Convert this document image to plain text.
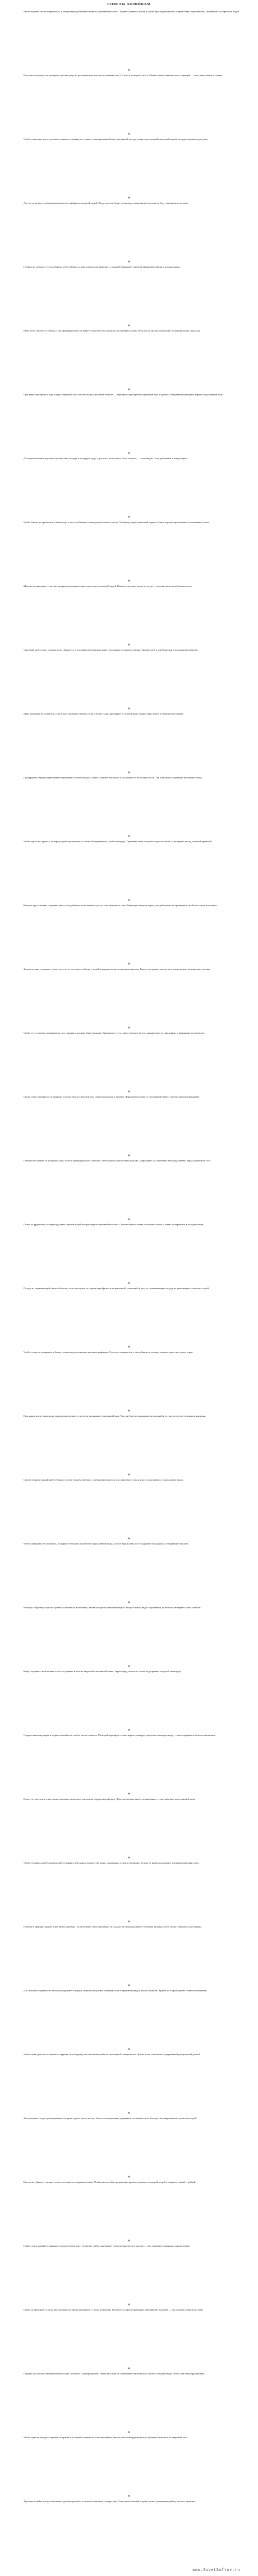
СОВЕТЫ ХОЗЯЙКАМ

Чтобы варенье не засахаривалось, в конце варки добавляют немного лимонной кислоты. Хранить варенье лучше в сухом прохладном месте, закрыв банки пергаментом, смоченным в спирте или водке.

Если мясо жесткое, его натирают смесью уксуса с растительным маслом и оставляют на 2–3 часа в холодном месте. Можно также обмазать мясо горчицей — оно станет мягче и сочнее.

Чтобы сливочное масло дольше оставалось свежим, его хранят в эмалированной или стеклянной посуде, залив подсоленной кипяченой водой, которую меняют через день.

Лук легче резать, если нож периодически смачивать холодной водой. Тогда глаза не будут слезиться, а нарезанные кусочки не будут прилипать к лезвию.

Горчица не засыхает, если добавить в нее немного сахара или молока. Баночку с горчицей закрывают плотной крышкой и хранят в холодильнике.

Рыбу легче чистить от чешуи, если предварительно на минуту опустить ее в кипяток или натереть солью. Руки после чистки рыбы моют холодной водой с уксусом.

При варке картофеля в воду кладут лавровый лист или несколько зубчиков чеснока — картофель приобретает приятный вкус и аромат. Очищенный картофель варят в подсоленной воде.

Для приготовления вкусного бульона мясо кладут в холодную воду, а для того, чтобы мясо было сочным, — в кипящую. Соль добавляют в конце варки.

Чтобы блины не прилипали к сковороде, в тесто добавляют ложку растительного масла. Сковороду перед выпечкой первого блина хорошо прокаливают и смазывают салом.

Молоко не пригорает, если дно кастрюли предварительно сполоснуть холодной водой. Кипятить молоко лучше в посуде с толстым дном на небольшом огне.

Черствый хлеб станет свежим, если сбрызнуть его водой и на несколько минут поставить в горячую духовку. Хранят хлеб в хлебнице или в полотняном мешочке.

Яйца при варке не лопаются, если в воду добавить немного соли. Свежесть яиц проверяют в соленой воде: свежее яйцо тонет, а несвежее всплывает.

Сухофрукты перед употреблением промывают в теплой воде, а затем заливают кипятком и оставляют на несколько часов. Так они лучше сохраняют витамины и вкус.

Чтобы крупа не горчила, ее перед варкой промывают и слегка обжаривают на сухой сковороде. Гречневая каша получается рассыпчатой, если варить ее под плотной крышкой.

Капуста при тушении сохраняет цвет, если добавить в нее немного уксуса или лимонного сока. Квашеную капусту перед употреблением не промывают, чтобы не терять витамины.

Зелень дольше сохраняет свежесть, если ее поставить в банку с водой и накрыть полиэтиленовым пакетом. Укроп и петрушку можно заготовить впрок, засушив или засолив.

Чтобы тесто хорошо поднималось, все продукты должны быть теплыми. Дрожжевое тесто ставят в теплое место, защищенное от сквозняков, и накрывают полотенцем.

Орехи легко очищаются от кожицы, если их обдать кипятком или слегка прокалить в духовке. Ядра орехов хранят в стеклянной банке с плотно закрытой крышкой.

Сметана не свернется в горячем супе, если ее предварительно смешать с небольшим количеством бульона. Заправляют суп сметаной непосредственно перед подачей на стол.

Пятна от фруктов на скатерти удаляют горячей водой или раствором лимонной кислоты. Свежие пятна от вина посыпают солью, а затем застирывают в холодной воде.

Посуда из нержавеющей стали заблестит, если протереть ее сырым картофелем или тряпочкой, смоченной в уксусе. Алюминиевую посуду не рекомендуется чистить содой.

Чтобы сахар не отсыревал, в банку с ним кладут несколько кусочков рафинада. Соль не слеживается, если добавить в солонку немного риса или сухих зерен.

При жарке котлет сковороду хорошо разогревают, а котлеты укладывают в кипящий жир. Так они быстро покрываются корочкой и остаются внутри сочными и мягкими.

Свекла сохранит яркий цвет в борще, если ее тушить отдельно с добавлением уксуса или лимонного сока и класть в кастрюлю в самом конце варки.

Чтобы макароны не слипались, их варят в большом количестве подсоленной воды, а после варки сразу же откидывают на дуршлаг и заправляют маслом.

Клюкву и бруснику хорошо хранить в бочонках или банках, залив холодной кипяченой водой. Ягоды в таком виде сохраняются до весны и не теряют своих свойств.

Кофе сохраняет свой аромат, если его хранить в плотно закрытой стеклянной банке. Зерна перед помолом слегка подогревают на сухой сковороде.

Старую картошку варят в подкисленной воде, чтобы она не темнела. Молодой картофель лучше варить в кожуре, опустив в кипящую воду, — так сохраняется больше витаминов.

Если суп пересолен, в кастрюлю опускают мешочек с рисом или сырую картофелину. Через несколько минут их вынимают — они впитают часть лишней соли.

Чтобы отварная рыба была вкусной, ее варят в небольшом количестве воды с кореньями, луком и специями. Бульон от рыбы используют для приготовления соуса.

Печенье и пряники хранят в жестяных коробках. Если печенье стало черствым, его кладут на несколько минут в теплую духовку, и оно снова становится хрустящим.

Для лучшей сохранности яблоки укладывают в ящики, пересыпая сухими опилками или оборачивая каждое яблоко бумагой. Хранят их в прохладном темном помещении.

Чтобы ножи дольше оставались острыми, ими не режут на металлической или стеклянной поверхности. Лучше всего пользоваться деревянной разделочной доской.

Холодильник следует размораживать не реже одного раза в месяц. Запах в холодильнике устраняют, поставив в него блюдце с активированным углем или содой.

Кисель не образует пленки, если его посыпать сахарным песком. Чтобы кисель был прозрачным, крахмал разводят холодной водой и вливают тонкой струйкой.

Грибы перед жаркой отваривают в подсоленной воде. Сушеные грибы замачивают на несколько часов в молоке — они становятся мягкими и ароматными.

Пирог не пригорит, если на дно духовки поставить противень с солью или водой. Готовность пирога проверяют деревянной палочкой — она должна оставаться сухой.

Огурцы для засолки выбирают небольшие, плотные, с пупырышками. Перед засолкой их замачивают на несколько часов в холодной воде, чтобы они были хрустящими.

Чтобы мука не заводила жучков, ее хранят в холщовых мешочках или стеклянных банках, положив туда несколько зубчиков чеснока или лавровый лист.

Хорошая хозяйка всегда записывает удачные рецепты и делится советами с подругами. Опыт, накопленный годами, делает домашнюю работу легче и приятнее.

www.SovetSoftov.ru
